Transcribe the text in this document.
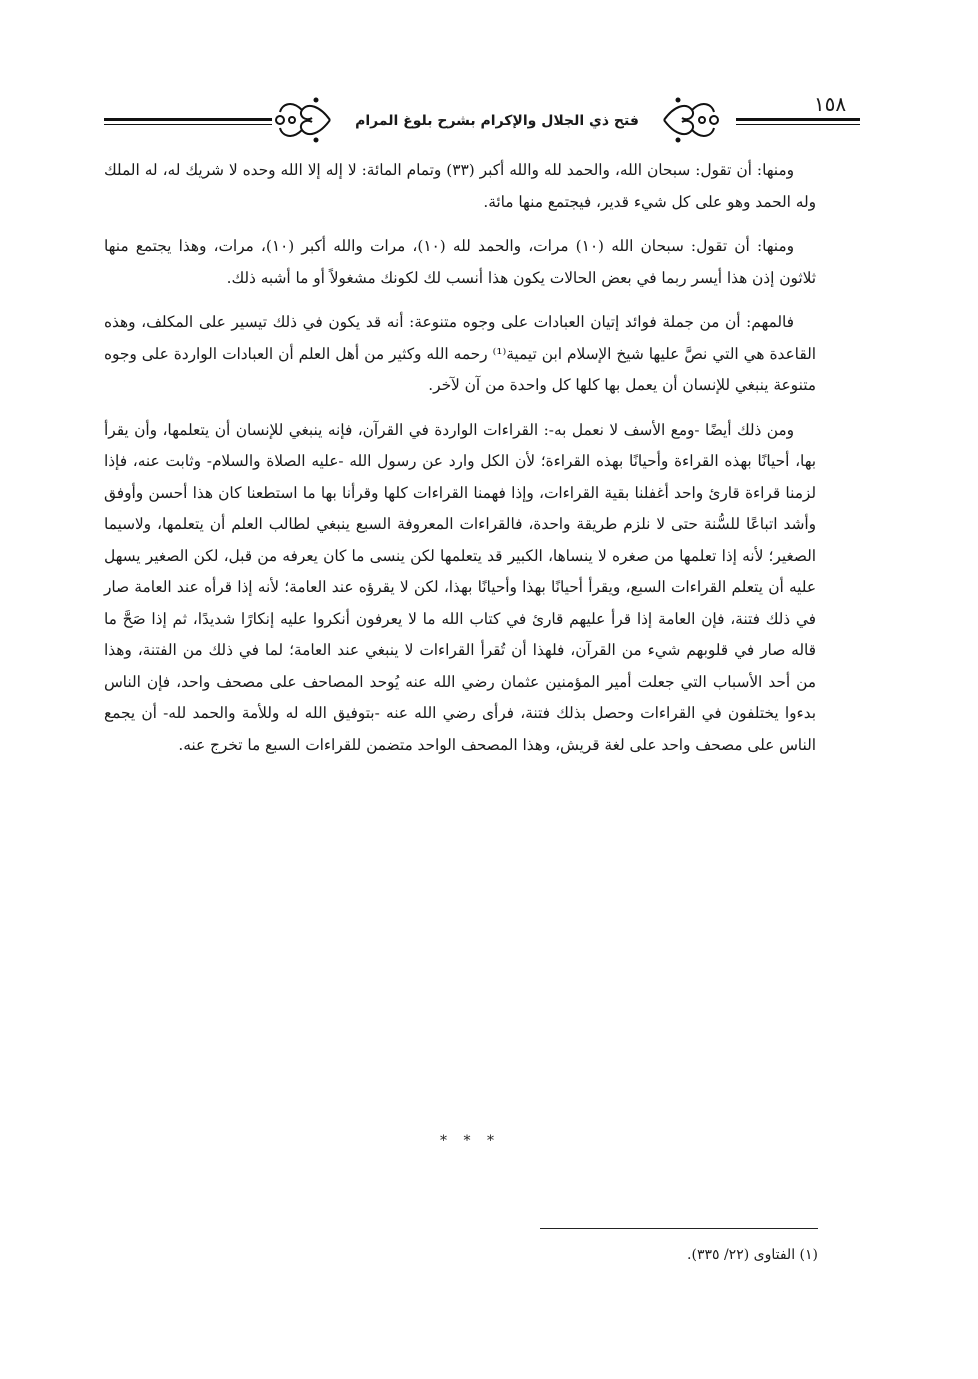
فتح ذي الجلال والإكرام بشرح بلوغ المرام
١٥٨

ومنها: أن تقول: سبحان الله، والحمد لله والله أكبر (٣٣) وتمام المائة: لا إله إلا الله وحده لا شريك له، له الملك وله الحمد وهو على كل شيء قدير، فيجتمع منها مائة.

ومنها: أن تقول: سبحان الله (١٠) مرات، والحمد لله (١٠)، مرات والله أكبر (١٠)، مرات، وهذا يجتمع منها ثلاثون إذن هذا أيسر ربما في بعض الحالات يكون هذا أنسب لك لكونك مشغولاً أو ما أشبه ذلك.

فالمهم: أن من جملة فوائد إتيان العبادات على وجوه متنوعة: أنه قد يكون في ذلك تيسير على المكلف، وهذه القاعدة هي التي نصَّ عليها شيخ الإسلام ابن تيمية⁽¹⁾ رحمه الله وكثير من أهل العلم أن العبادات الواردة على وجوه متنوعة ينبغي للإنسان أن يعمل بها كلها كل واحدة من آن لآخر.

ومن ذلك أيضًا -ومع الأسف لا نعمل به-: القراءات الواردة في القرآن، فإنه ينبغي للإنسان أن يتعلمها، وأن يقرأ بها، أحيانًا بهذه القراءة وأحيانًا بهذه القراءة؛ لأن الكل وارد عن رسول الله -عليه الصلاة والسلام- وثابت عنه، فإذا لزمنا قراءة قارئ واحد أغفلنا بقية القراءات، وإذا فهمنا القراءات كلها وقرأنا بها ما استطعنا كان هذا أحسن وأوفق وأشد اتباعًا للسُّنة حتى لا نلزم طريقة واحدة، فالقراءات المعروفة السبع ينبغي لطالب العلم أن يتعلمها، ولاسيما الصغير؛ لأنه إذا تعلمها من صغره لا ينساها، الكبير قد يتعلمها لكن ينسى ما كان يعرفه من قبل، لكن الصغير يسهل عليه أن يتعلم القراءات السبع، ويقرأ أحيانًا بهذا وأحيانًا بهذا، لكن لا يقرؤه عند العامة؛ لأنه إذا قرأه عند العامة صار في ذلك فتنة، فإن العامة إذا قرأ عليهم قارئ في كتاب الله ما لا يعرفون أنكروا عليه إنكارًا شديدًا، ثم إذا صَحَّ ما قاله صار في قلوبهم شيء من القرآن، فلهذا أن تُقرأ القراءات لا ينبغي عند العامة؛ لما في ذلك من الفتنة، وهذا من أحد الأسباب التي جعلت أمير المؤمنين عثمان رضي الله عنه يُوحد المصاحف على مصحف واحد، فإن الناس بدءوا يختلفون في القراءات وحصل بذلك فتنة، فرأى رضي الله عنه -بتوفيق الله له وللأمة والحمد لله- أن يجمع الناس على مصحف واحد على لغة قريش، وهذا المصحف الواحد متضمن للقراءات السبع ما تخرج عنه.

* * *
(١) الفتاوى (٢٢/ ٣٣٥).
